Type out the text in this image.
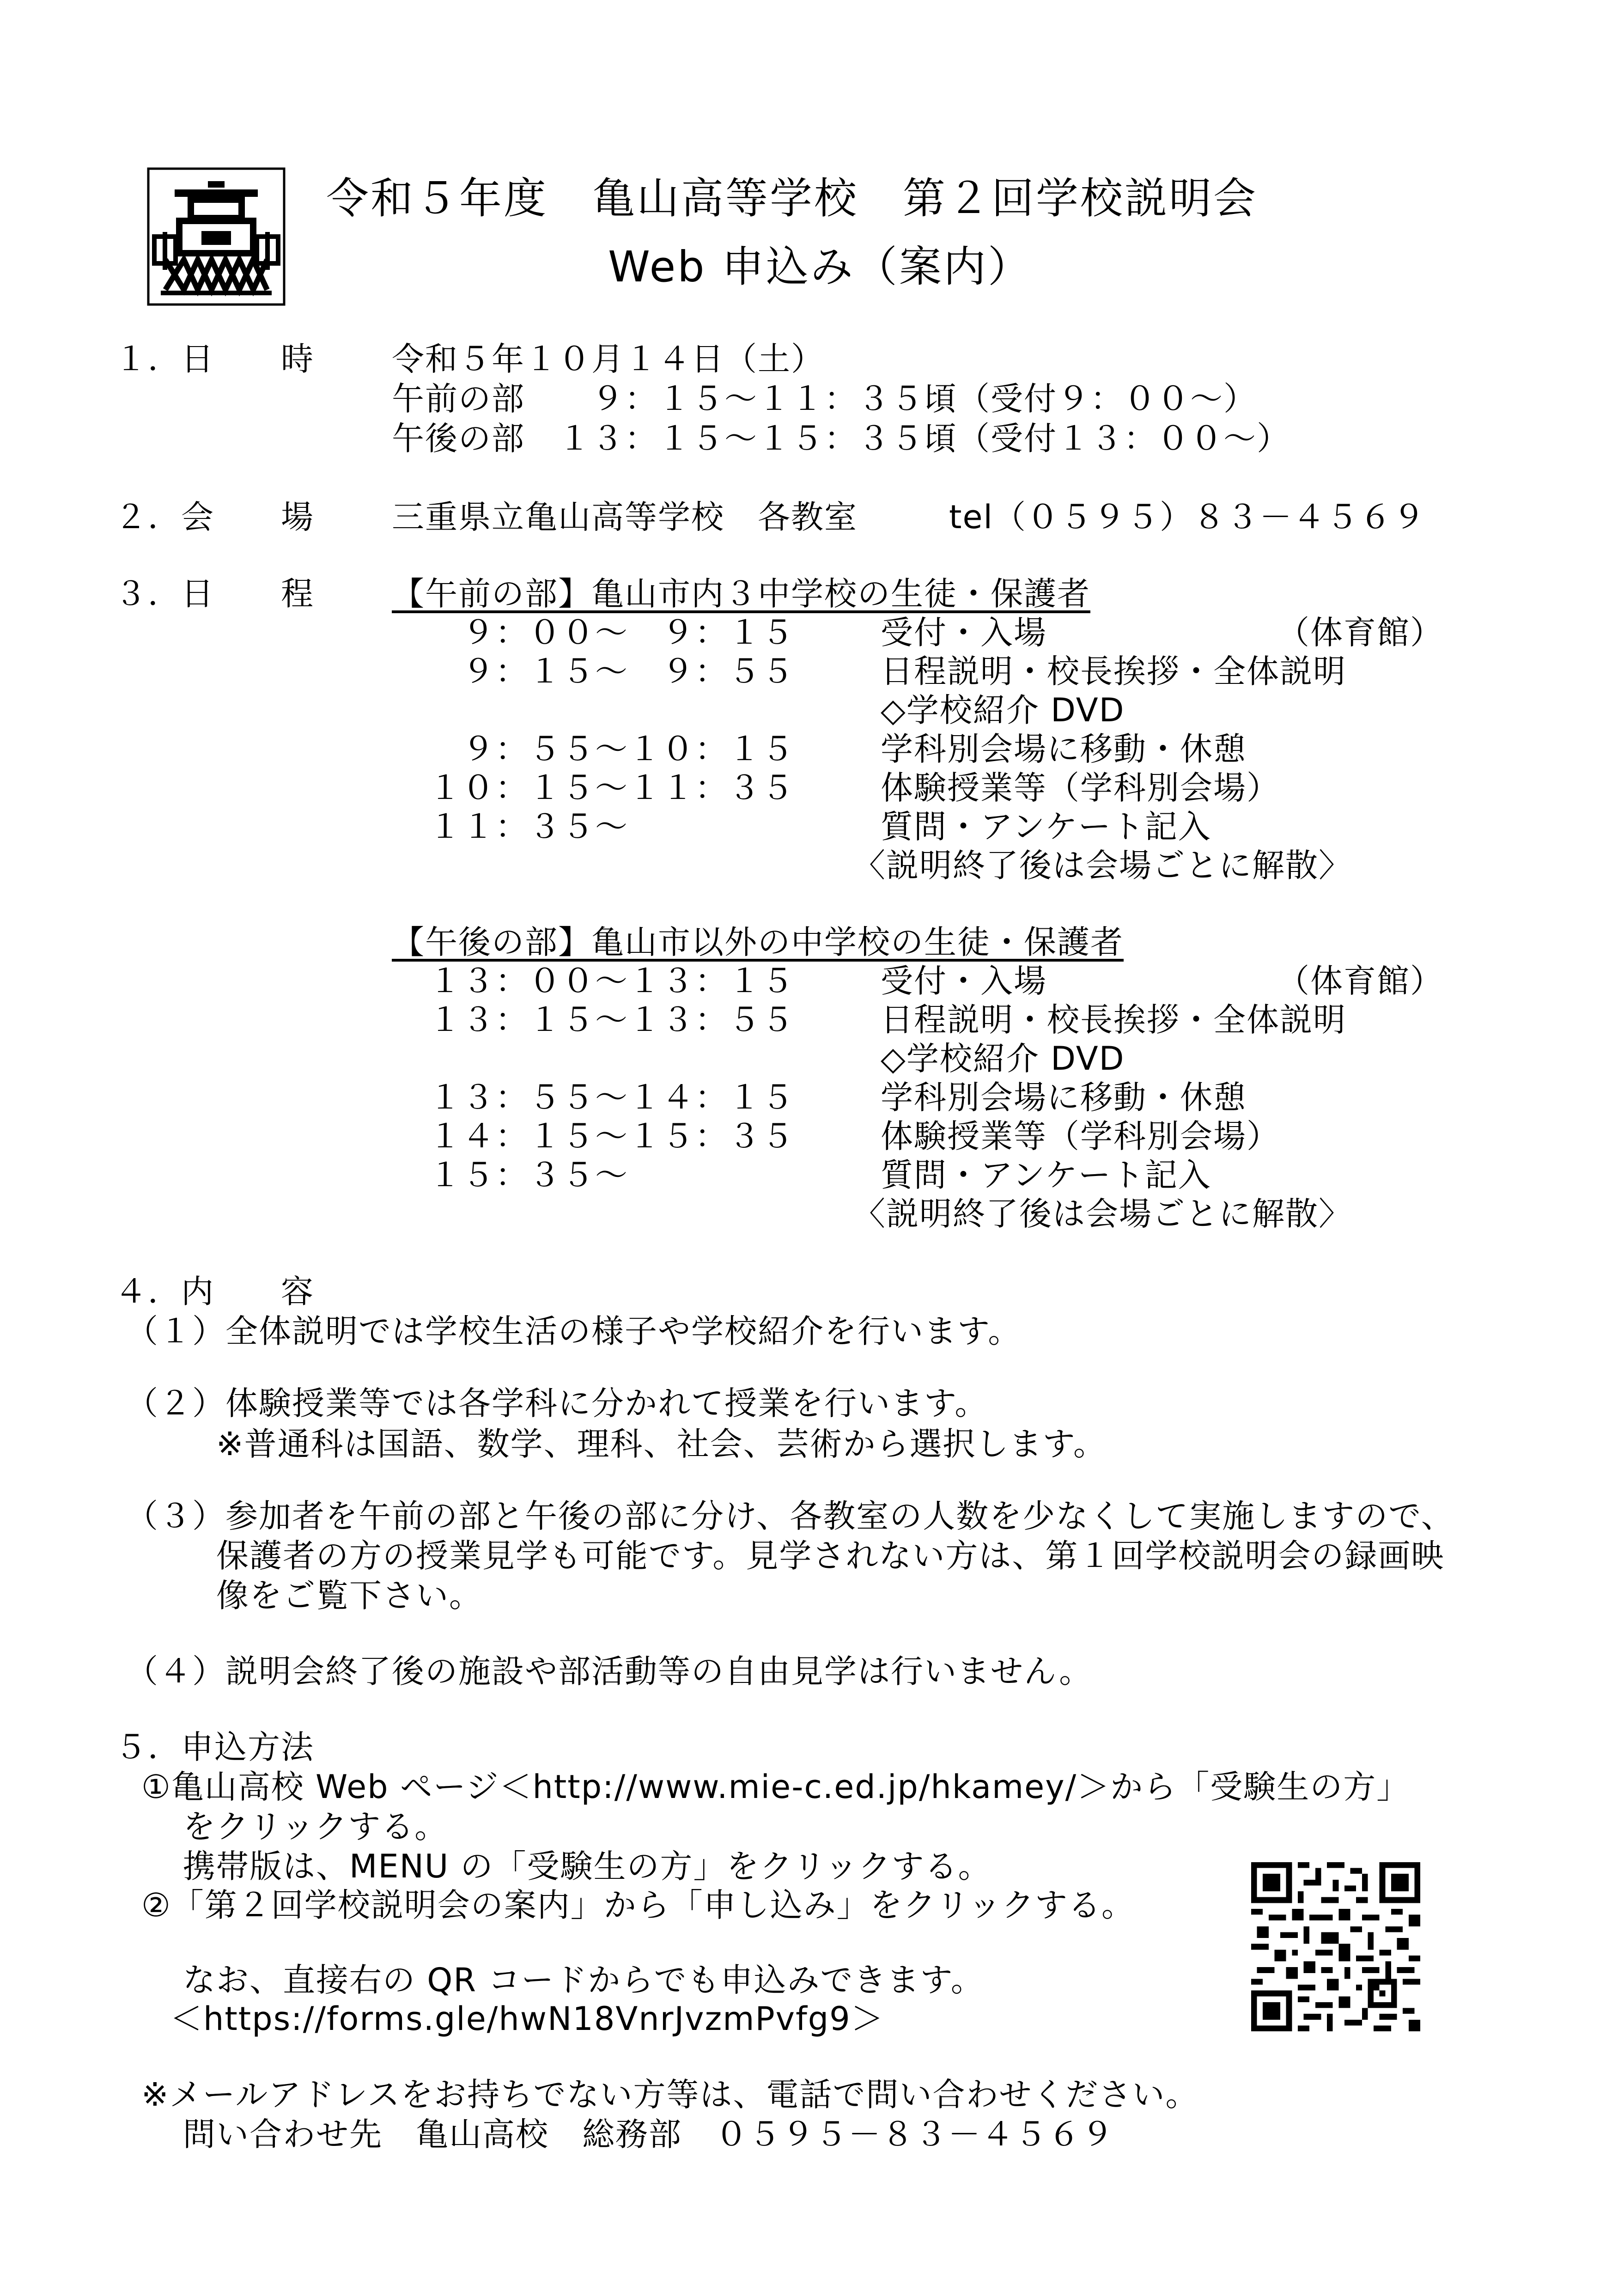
令和５年度　亀山高等学校　第２回学校説明会
Web 申込み（案内）
１．日　　時 令和５年１０月１４日（土）
午前の部　　９：１５～１１：３５頃（受付９：００～）
午後の部　１３：１５～１５：３５頃（受付１３：００～）
２．会　　場 三重県立亀山高等学校　各教室	tel（０５９５）８３－４５６９
３．日　　程 【午前の部】亀山市内３中学校の生徒・保護者
９：００～　９：１５	受付・入場	（体育館）
９：１５～　９：５５	日程説明・校長挨拶・全体説明
◇学校紹介 DVD
９：５５～１０：１５	学科別会場に移動・休憩
１０：１５～１１：３５	体験授業等（学科別会場）
１１：３５～	質問・アンケート記入
〈説明終了後は会場ごとに解散〉
【午後の部】亀山市以外の中学校の生徒・保護者
１３：００～１３：１５	受付・入場	（体育館）
１３：１５～１３：５５	日程説明・校長挨拶・全体説明
◇学校紹介 DVD
１３：５５～１４：１５	学科別会場に移動・休憩
１４：１５～１５：３５	体験授業等（学科別会場）
１５：３５～	質問・アンケート記入
〈説明終了後は会場ごとに解散〉
４．内　　容
（１）全体説明では学校生活の様子や学校紹介を行います。
（２）体験授業等では各学科に分かれて授業を行います。
※普通科は国語、数学、理科、社会、芸術から選択します。
（３）参加者を午前の部と午後の部に分け、各教室の人数を少なくして実施しますので、
保護者の方の授業見学も可能です。見学されない方は、第１回学校説明会の録画映
像をご覧下さい。
（４）説明会終了後の施設や部活動等の自由見学は行いません。
５．申込方法
①亀山高校 Web ページ＜http://www.mie-c.ed.jp/hkamey/＞から「受験生の方」
をクリックする。
携帯版は、MENU の「受験生の方」をクリックする。
②「第２回学校説明会の案内」から「申し込み」をクリックする。
なお、直接右の QR コードからでも申込みできます。
＜https://forms.gle/hwN18VnrJvzmPvfg9＞
※メールアドレスをお持ちでない方等は、電話で問い合わせください。
問い合わせ先　亀山高校　総務部　０５９５－８３－４５６９
